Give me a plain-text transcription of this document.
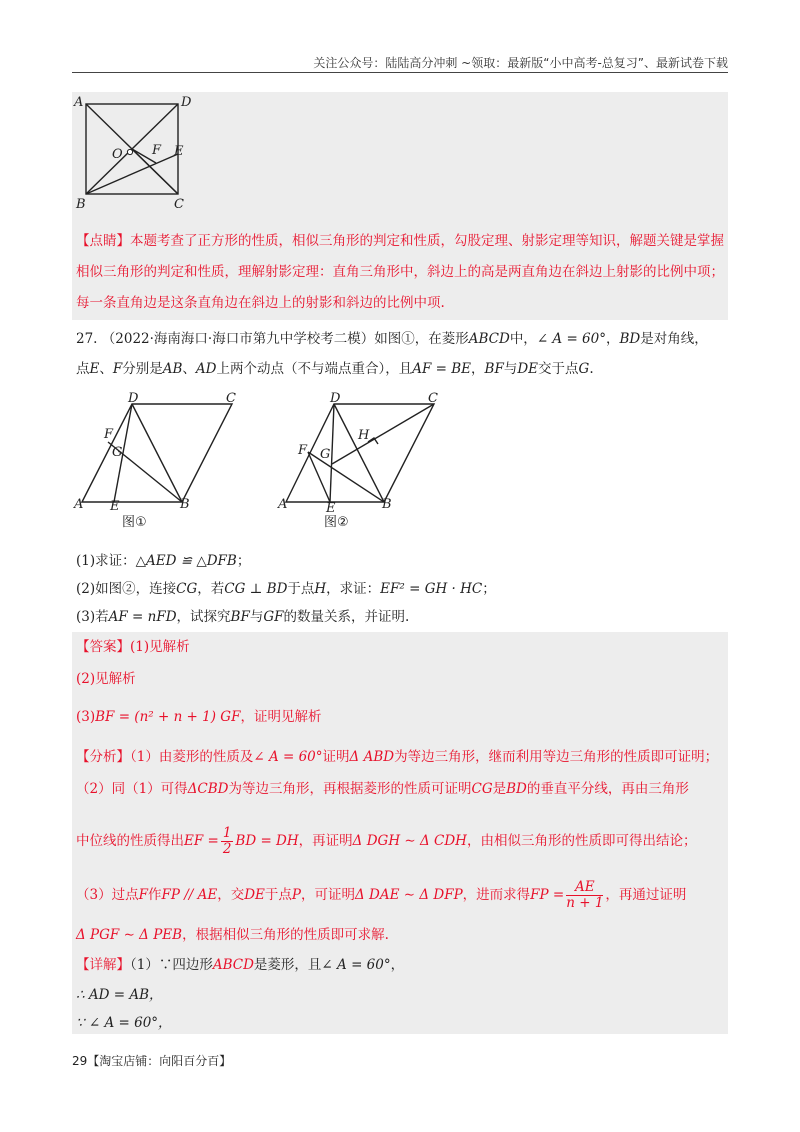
关注公众号：陆陆高分冲刺 ~领取：最新版“小中高考-总复习”、最新试卷下载
A	D
O F E
B	C
【点睛】本题考查了正方形的性质，相似三角形的判定和性质，勾股定理、射影定理等知识，解题关键是掌握相似三角形的判定和性质，理解射影定理：直角三角形中，斜边上的高是两直角边在斜边上射影的比例中项；每一条直角边是这条直角边在斜边上的射影和斜边的比例中项.
27. （2022·海南海口·海口市第九中学校考二模）如图①，在菱形ABCD中，∠ A = 60°，BD是对角线，
点E、F分别是AB、AD上两个动点（不与端点重合），且AF = BE，BF与DE交于点G.
D	C
F
G
A E	B
图①
D	C
H
F G
A	E	B
图②
(1)求证：△AED ≌ △DFB；
(2)如图②，连接CG，若CG ⊥ BD于点H，求证：EF² = GH · HC；
(3)若AF = nFD，试探究BF与GF的数量关系，并证明.
【答案】(1)见解析
(2)见解析
(3)BF = (n² + n + 1) GF，证明见解析
【分析】（1）由菱形的性质及∠ A = 60°证明Δ ABD为等边三角形，继而利用等边三角形的性质即可证明；
（2）同（1）可得ΔCBD为等边三角形，再根据菱形的性质可证明CG是BD的垂直平分线，再由三角形
中位线的性质得出EF = $\frac{1}{2}$ BD = DH，再证明Δ DGH ∼ Δ CDH，由相似三角形的性质即可得出结论；
（3）过点F作FP // AE，交DE于点P，可证明Δ DAE ∼ Δ DFP，进而求得FP = $\frac{AE}{n + 1}$ ，再通过证明
Δ PGF ∼ Δ PEB，根据相似三角形的性质即可求解.
【详解】（1）∵四边形ABCD是菱形，且∠ A = 60°，
∴ AD = AB，
∵ ∠ A = 60°，
29【淘宝店铺：向阳百分百】
